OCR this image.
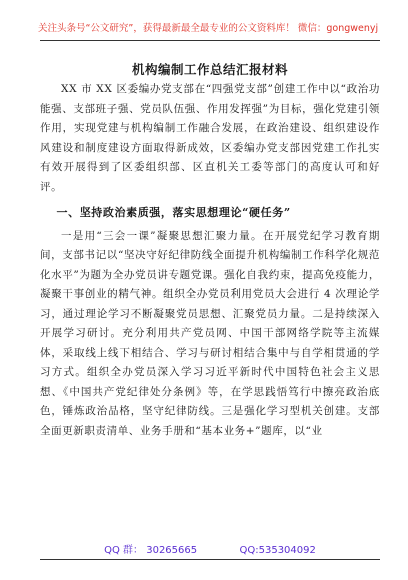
关注头条号“公文研究”，获得最新最全最专业的公文资料库！ 微信：gongwenyj
机构编制工作总结汇报材料

XX 市 XX 区委编办党支部在“四强党支部”创建工作中以“政治功能强、支部班子强、党员队伍强、作用发挥强”为目标，强化党建引领作用，实现党建与机构编制工作融合发展，在政治建设、组织建设作风建设和制度建设方面取得新成效，区委编办党支部因党建工作扎实有效开展得到了区委组织部、区直机关工委等部门的高度认可和好评。

一、坚持政治素质强，落实思想理论“硬任务”

一是用“三会一课”凝聚思想汇聚力量。在开展党纪学习教育期间，支部书记以“坚决守好纪律防线全面提升机构编制工作科学化规范化水平”为题为全办党员讲专题党课。强化自我约束，提高免疫能力，凝聚干事创业的精气神。组织全办党员利用党员大会进行 4 次理论学习，通过理论学习不断凝聚党员思想、汇聚党员力量。二是持续深入开展学习研讨。充分利用共产党员网、中国干部网络学院等主流媒体，采取线上线下相结合、学习与研讨相结合集中与自学相贯通的学习方式。组织全办党员深入学习习近平新时代中国特色社会主义思想、《中国共产党纪律处分条例》等，在学思践悟笃行中擦亮政治底色，锤炼政治品格，坚守纪律防线。三是强化学习型机关创建。支部全面更新职责清单、业务手册和“基本业务+”题库，以“业

QQ 群： 30265665	QQ:535304092
